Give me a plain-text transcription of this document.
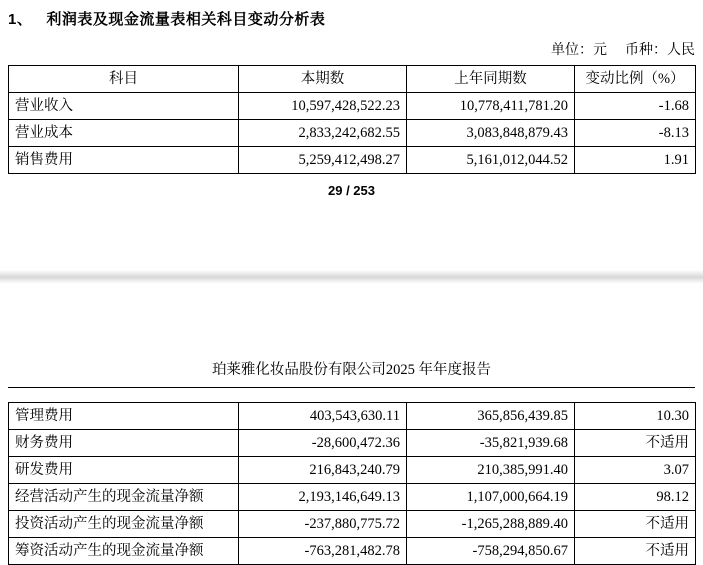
1、 利润表及现金流量表相关科目变动分析表
单位：元 币种：人民
科目	本期数	上年同期数	变动比例（%）
营业收入	10,597,428,522.23	10,778,411,781.20	-1.68
营业成本	2,833,242,682.55	3,083,848,879.43	-8.13
销售费用	5,259,412,498.27	5,161,012,044.52	1.91
29 / 253
珀莱雅化妆品股份有限公司2025 年年度报告
管理费用	403,543,630.11	365,856,439.85	10.30
财务费用	-28,600,472.36	-35,821,939.68	不适用
研发费用	216,843,240.79	210,385,991.40	3.07
经营活动产生的现金流量净额	2,193,146,649.13	1,107,000,664.19	98.12
投资活动产生的现金流量净额	-237,880,775.72	-1,265,288,889.40	不适用
筹资活动产生的现金流量净额	-763,281,482.78	-758,294,850.67	不适用
